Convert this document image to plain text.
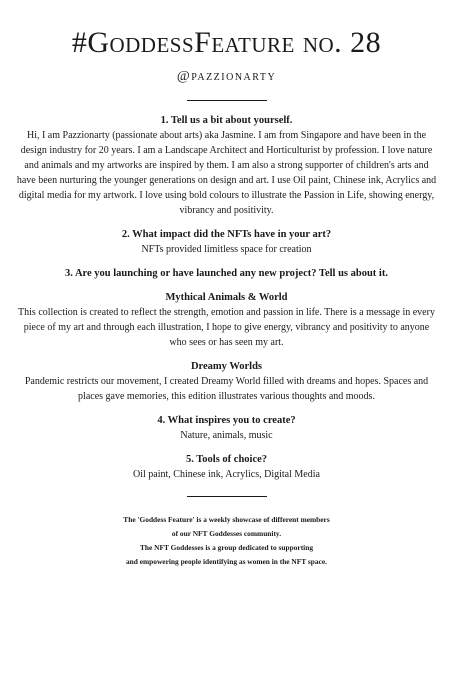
#GoddessFeature no. 28
@pazzionarty
1. Tell us a bit about yourself.
Hi, I am Pazzionarty (passionate about arts) aka Jasmine. I am from Singapore and have been in the design industry for 20 years. I am a Landscape Architect and Horticulturist by profession. I love nature and animals and my artworks are inspired by them. I am also a strong supporter of children's arts and have been nurturing the younger generations on design and art. I use Oil paint, Chinese ink, Acrylics and digital media for my artwork. I love using bold colours to illustrate the Passion in Life, showing energy, vibrancy and positivity.
2. What impact did the NFTs have in your art?
NFTs provided limitless space for creation
3. Are you launching or have launched any new project? Tell us about it.
Mythical Animals & World
This collection is created to reflect the strength, emotion and passion in life. There is a message in every piece of my art and through each illustration, I hope to give energy, vibrancy and positivity to anyone who sees or has seen my art.
Dreamy Worlds
Pandemic restricts our movement, I created Dreamy World filled with dreams and hopes. Spaces and places gave memories, this edition illustrates various thoughts and moods.
4. What inspires you to create?
Nature, animals, music
5. Tools of choice?
Oil paint, Chinese ink, Acrylics, Digital Media
The 'Goddess Feature' is a weekly showcase of different members
of our NFT Goddesses community.
The NFT Goddesses is a group dedicated to supporting
and empowering people identifying as women in the NFT space.
